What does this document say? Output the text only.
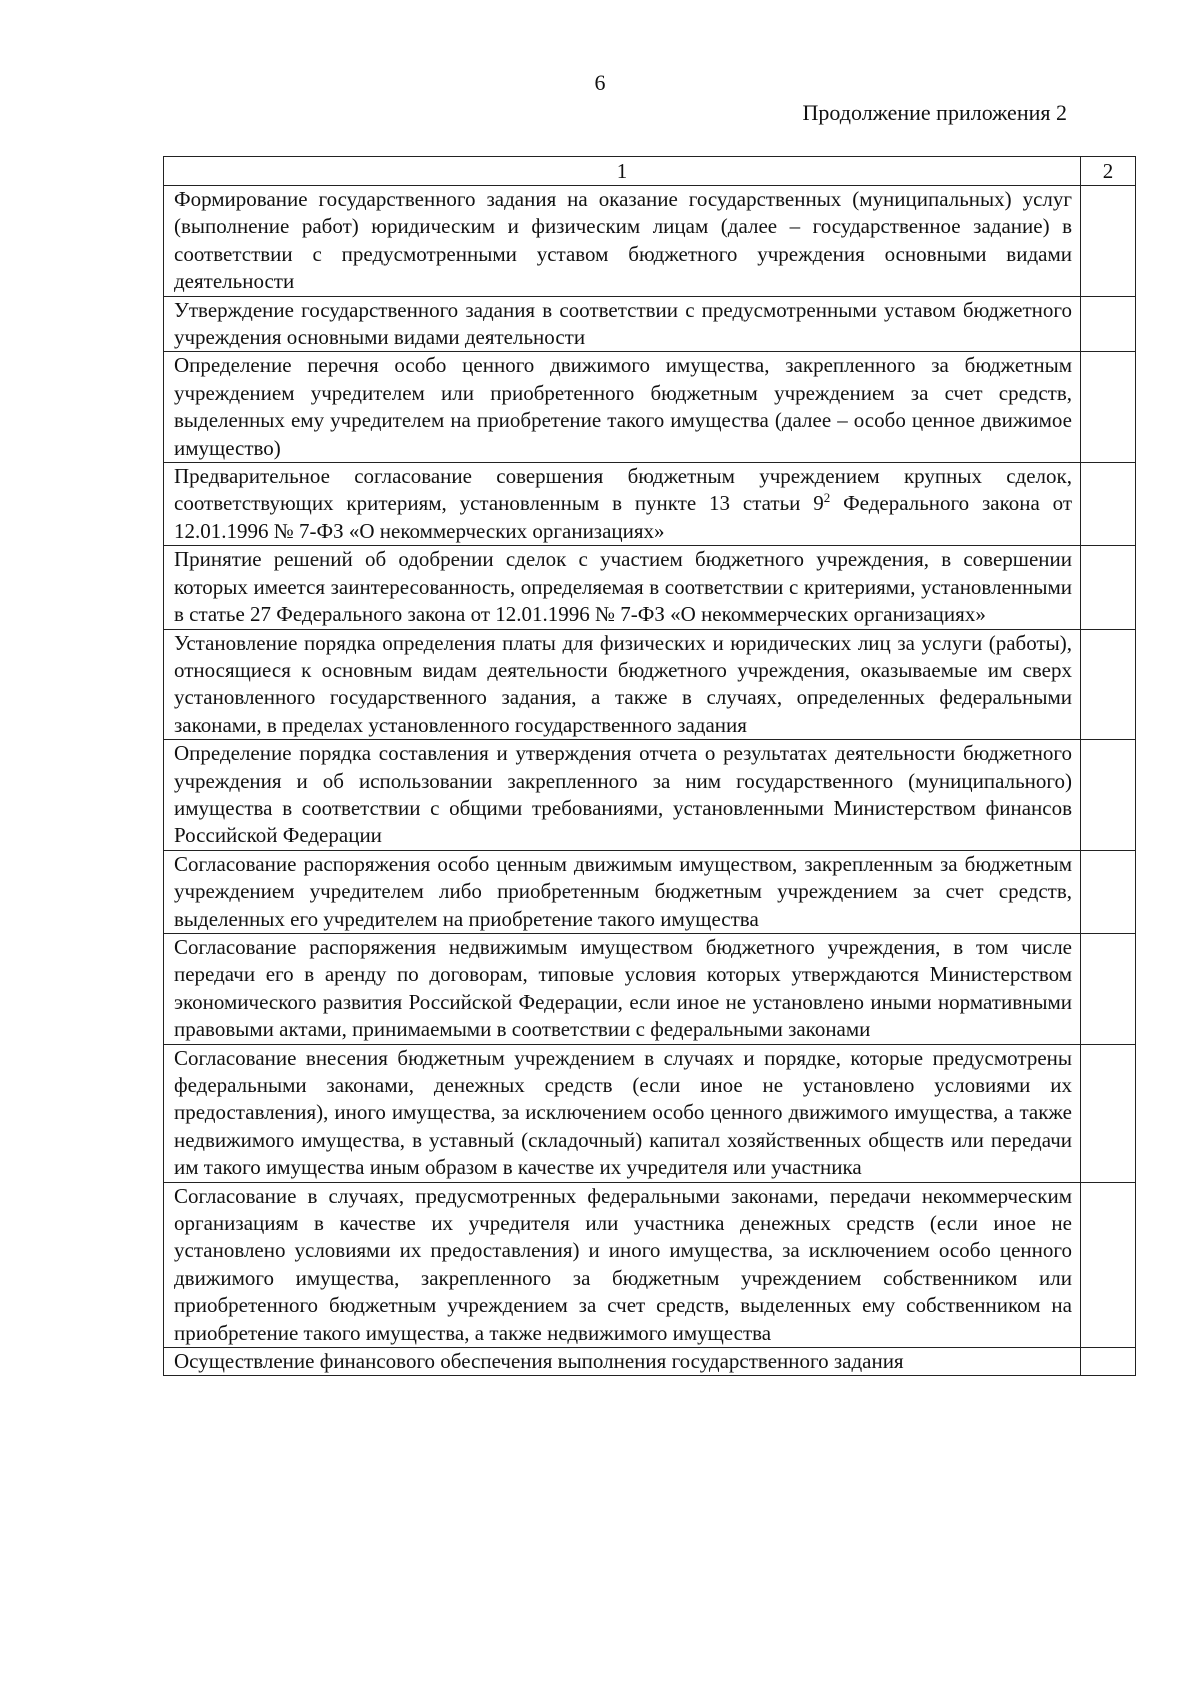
6
Продолжение приложения 2
1	2
Формирование государственного задания на оказание государственных (муниципальных) услуг (выполнение работ) юридическим и физическим лицам (далее – государственное задание) в соответствии с предусмотренными уставом бюджетного учреждения основными видами деятельности	
Утверждение государственного задания в соответствии с предусмотренными уставом бюджетного учреждения основными видами деятельности	
Определение перечня особо ценного движимого имущества, закрепленного за бюджетным учреждением учредителем или приобретенного бюджетным учреждением за счет средств, выделенных ему учредителем на приобретение такого имущества (далее – особо ценное движимое имущество)	
Предварительное согласование совершения бюджетным учреждением крупных сделок, соответствующих критериям, установленным в пункте 13 статьи $9^2$ Федерального закона от 12.01.1996 № 7-ФЗ «О некоммерческих организациях»	
Принятие решений об одобрении сделок с участием бюджетного учреждения, в совершении которых имеется заинтересованность, определяемая в соответствии с критериями, установленными в статье 27 Федерального закона от 12.01.1996 № 7-ФЗ «О некоммерческих организациях»	
Установление порядка определения платы для физических и юридических лиц за услуги (работы), относящиеся к основным видам деятельности бюджетного учреждения, оказываемые им сверх установленного государственного задания, а также в случаях, определенных федеральными законами, в пределах установленного государственного задания	
Определение порядка составления и утверждения отчета о результатах деятельности бюджетного учреждения и об использовании закрепленного за ним государственного (муниципального) имущества в соответствии с общими требованиями, установленными Министерством финансов Российской Федерации	
Согласование распоряжения особо ценным движимым имуществом, закрепленным за бюджетным учреждением учредителем либо приобретенным бюджетным учреждением за счет средств, выделенных его учредителем на приобретение такого имущества	
Согласование распоряжения недвижимым имуществом бюджетного учреждения, в том числе передачи его в аренду по договорам, типовые условия которых утверждаются Министерством экономического развития Российской Федерации, если иное не установлено иными нормативными правовыми актами, принимаемыми в соответствии с федеральными законами	
Согласование внесения бюджетным учреждением в случаях и порядке, которые предусмотрены федеральными законами, денежных средств (если иное не установлено условиями их предоставления), иного имущества, за исключением особо ценного движимого имущества, а также недвижимого имущества, в уставный (складочный) капитал хозяйственных обществ или передачи им такого имущества иным образом в качестве их учредителя или участника	
Согласование в случаях, предусмотренных федеральными законами, передачи некоммерческим организациям в качестве их учредителя или участника денежных средств (если иное не установлено условиями их предоставления) и иного имущества, за исключением особо ценного движимого имущества, закрепленного за бюджетным учреждением собственником или приобретенного бюджетным учреждением за счет средств, выделенных ему собственником на приобретение такого имущества, а также недвижимого имущества	
Осуществление финансового обеспечения выполнения государственного задания	
